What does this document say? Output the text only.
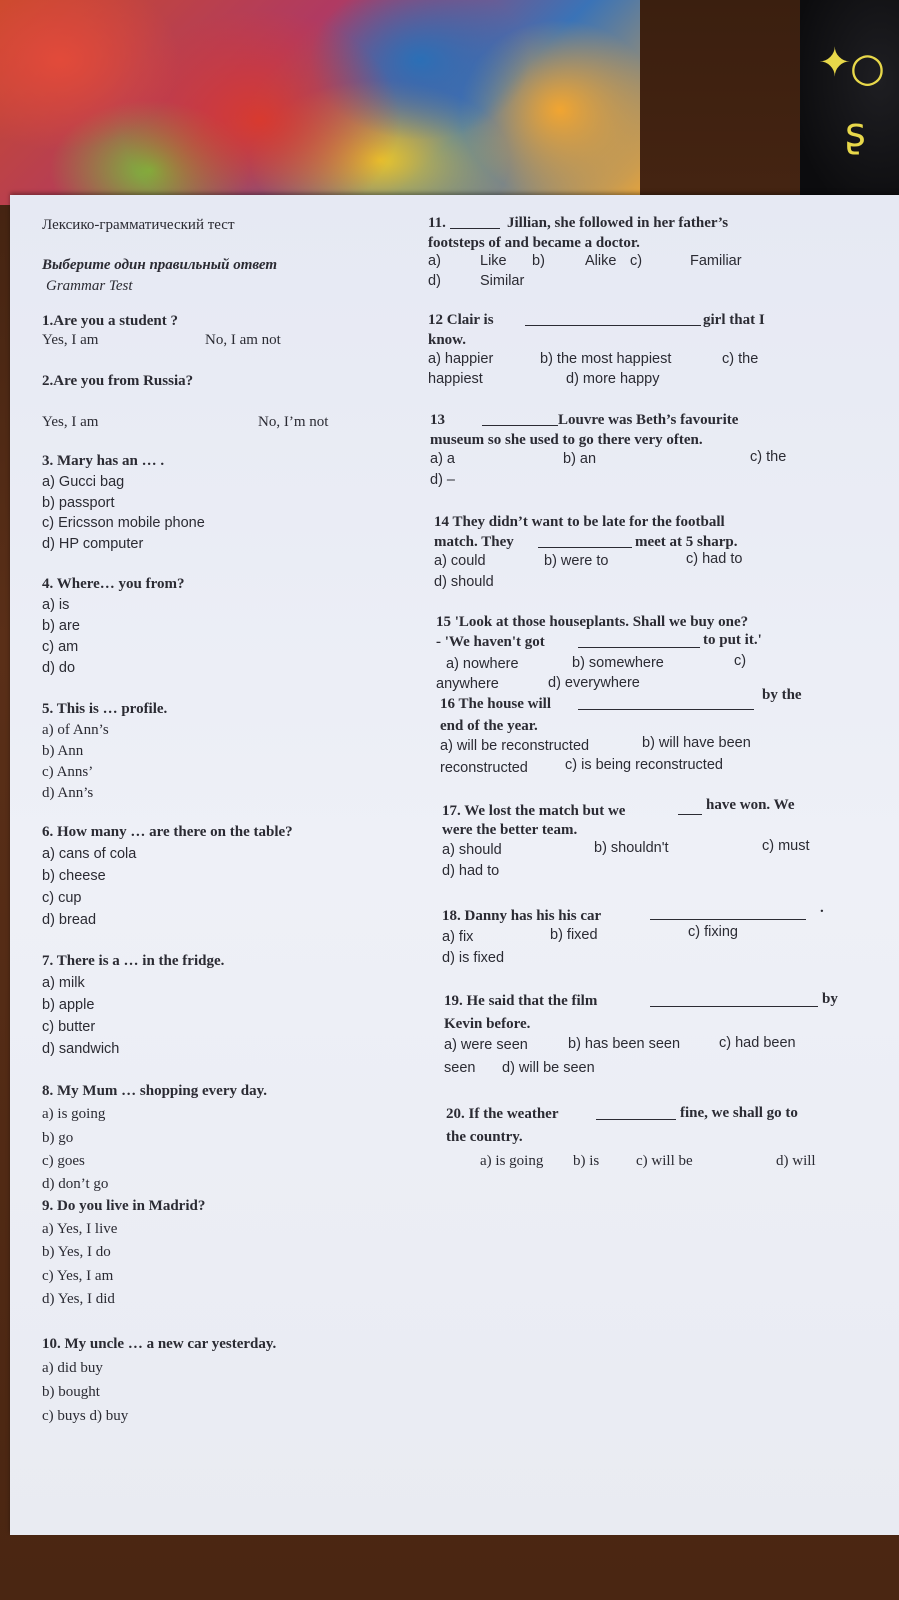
✦
○
ʂ
Лексико-грамматический тест
Выберите один правильный ответ
Grammar Test
1.Are you a student ?
Yes, I am	No, I am not
2.Are you from Russia?
Yes, I am	No, I’m not
3. Mary has an … .
a) Gucci bag
b) passport
c) Ericsson mobile phone
d) HP computer
4. Where… you from?
a) is
b) are
c) am
d) do
5. This is … profile.
a) of Ann’s
b) Ann
c) Anns’
d) Ann’s
6. How many … are there on the table?
a) cans of cola
b) cheese
c) cup
d) bread
7. There is a … in the fridge.
a) milk
b) apple
c) butter
d) sandwich
8. My Mum … shopping every day.
a) is going
b) go
c) goes
d) don’t go
9. Do you live in Madrid?
a) Yes, I live
b) Yes, I do
c) Yes, I am
d) Yes, I did
10. My uncle … a new car yesterday.
a) did buy
b) bought
c) buys d) buy
11.	Jillian, she followed in her father’s
footsteps of and became a doctor.
a)	Like b)	Alike c)	Familiar
d)	Similar
12 Clair is	girl that I
know.
a) happier	b) the most happiest	c) the
happiest	d) more happy
13	Louvre was Beth’s favourite
museum so she used to go there very often.
a) a	b) an	c) the
d) –
14 They didn’t want to be late for the football
match. They	meet at 5 sharp.
a) could	b) were to	c) had to
d) should
15 'Look at those houseplants. Shall we buy one?
- 'We haven't got	to put it.'
a) nowhere	b) somewhere	c)
anywhere	d) everywhere
16 The house will
by the
end of the year.
a) will be reconstructed	b) will have been
reconstructed	c) is being reconstructed
17. We lost the match but we	have won. We
were the better team.
a) should	b) shouldn't	c) must
d) had to
18. Danny has his his car	.
a) fix	b) fixed	c) fixing
d) is fixed
19. He said that the film	by
Kevin before.
a) were seen	b) has been seen	c) had been
seen d) will be seen
20. If the weather	fine, we shall go to
the country.
a) is going b) is c) will be	d) will
